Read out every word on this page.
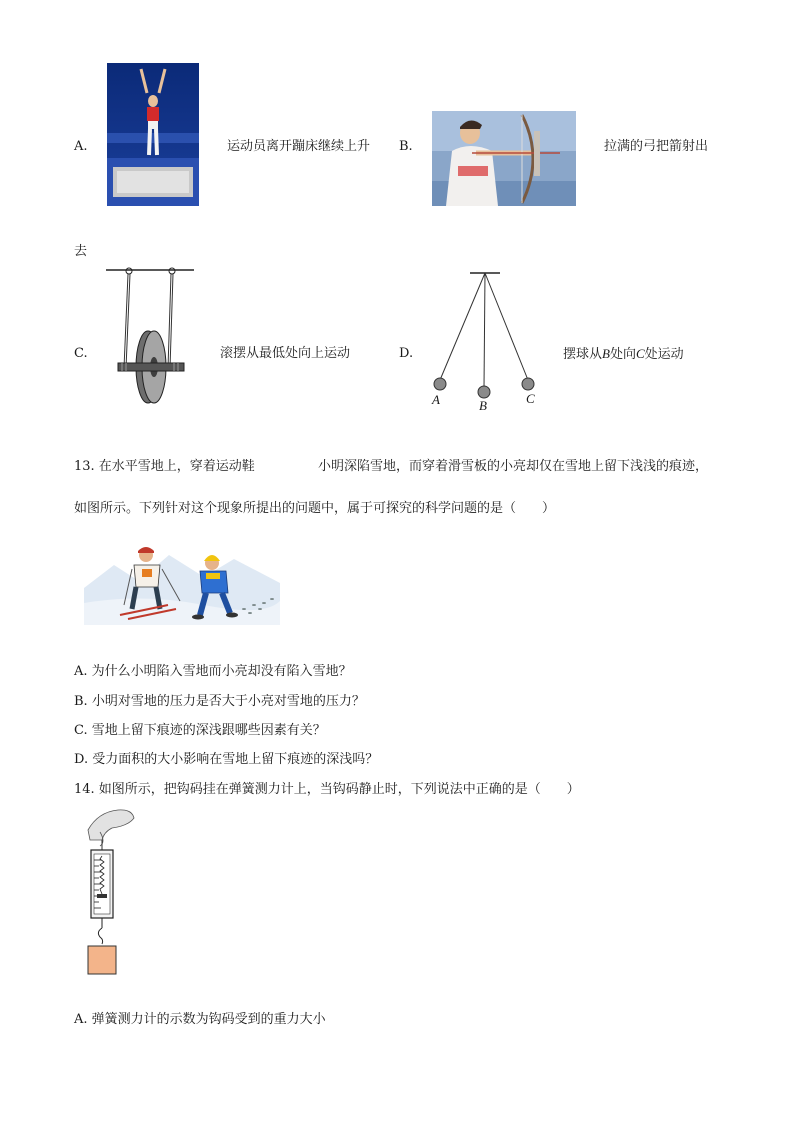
A.	运动员离开蹦床继续上升 B.	拉满的弓把箭射出
去
C.	滚摆从最低处向上运动	D.
A	B	C
摆球从B处向C处运动
13. 在水平雪地上，穿着运动鞋	小明深陷雪地，而穿着滑雪板的小亮却仅在雪地上留下浅浅的痕迹，
如图所示。下列针对这个现象所提出的问题中，属于可探究的科学问题的是（　　）
A. 为什么小明陷入雪地而小亮却没有陷入雪地？
B. 小明对雪地的压力是否大于小亮对雪地的压力？
C. 雪地上留下痕迹的深浅跟哪些因素有关？
D. 受力面积的大小影响在雪地上留下痕迹的深浅吗？
14. 如图所示，把钩码挂在弹簧测力计上，当钩码静止时，下列说法中正确的是（　　）
A. 弹簧测力计的示数为钩码受到的重力大小
